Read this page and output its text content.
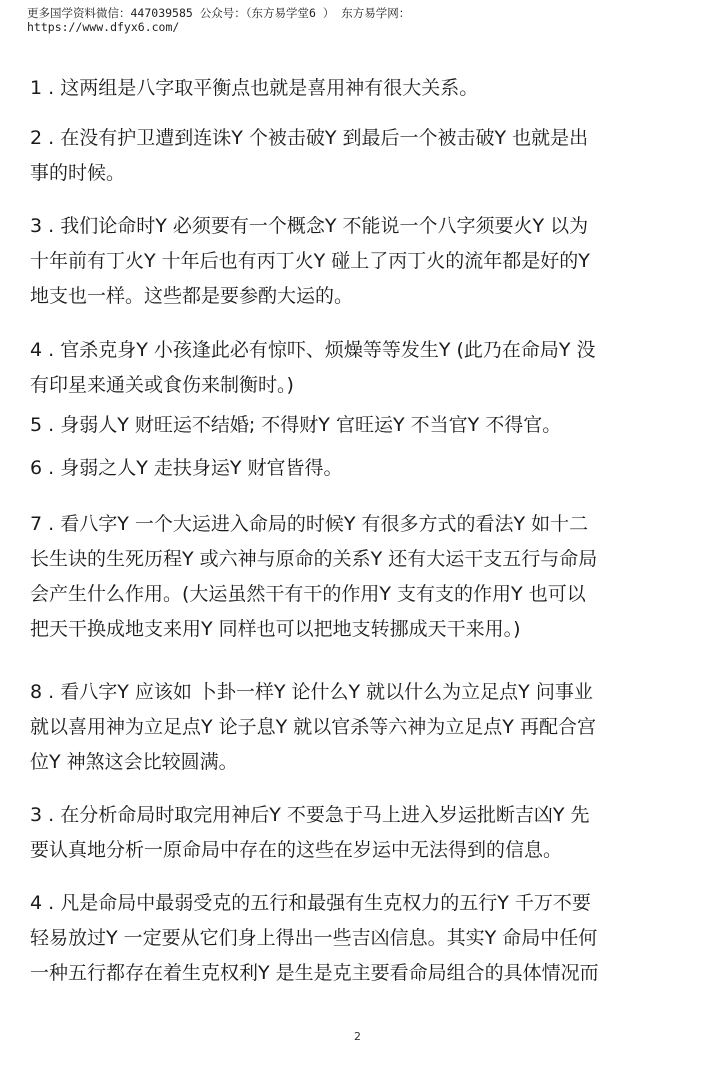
更多国学资料微信：447039585 公众号：（东方易学堂6 ） 东方易学网：
https://www.dfyx6.com/
1 . 这两组是八字取平衡点也就是喜用神有很大关系。
2 . 在没有护卫遭到连诛Y 个被击破Y 到最后一个被击破Y 也就是出事的时候。
3 . 我们论命时Y 必须要有一个概念Y 不能说一个八字须要火Y 以为十年前有丁火Y 十年后也有丙丁火Y 碰上了丙丁火的流年都是好的Y 地支也一样。这些都是要参酌大运的。
4 . 官杀克身Y 小孩逢此必有惊吓、烦燥等等发生Y (此乃在命局Y 没有印星来通关或食伤来制衡时。)
5 . 身弱人Y 财旺运不结婚; 不得财Y 官旺运Y 不当官Y 不得官。
6 . 身弱之人Y 走扶身运Y 财官皆得。
7 . 看八字Y 一个大运进入命局的时候Y 有很多方式的看法Y 如十二长生诀的生死历程Y 或六神与原命的关系Y 还有大运干支五行与命局会产生什么作用。(大运虽然干有干的作用Y 支有支的作用Y 也可以把天干换成地支来用Y 同样也可以把地支转挪成天干来用。)
8 . 看八字Y 应该如 卜卦一样Y 论什么Y 就以什么为立足点Y 问事业就以喜用神为立足点Y 论子息Y 就以官杀等六神为立足点Y 再配合宫位Y 神煞这会比较圆满。
3 . 在分析命局时取完用神后Y 不要急于马上进入岁运批断吉凶Y 先要认真地分析一原命局中存在的这些在岁运中无法得到的信息。
4 . 凡是命局中最弱受克的五行和最强有生克权力的五行Y 千万不要轻易放过Y 一定要从它们身上得出一些吉凶信息。其实Y 命局中任何一种五行都存在着生克权利Y 是生是克主要看命局组合的具体情况而
2
